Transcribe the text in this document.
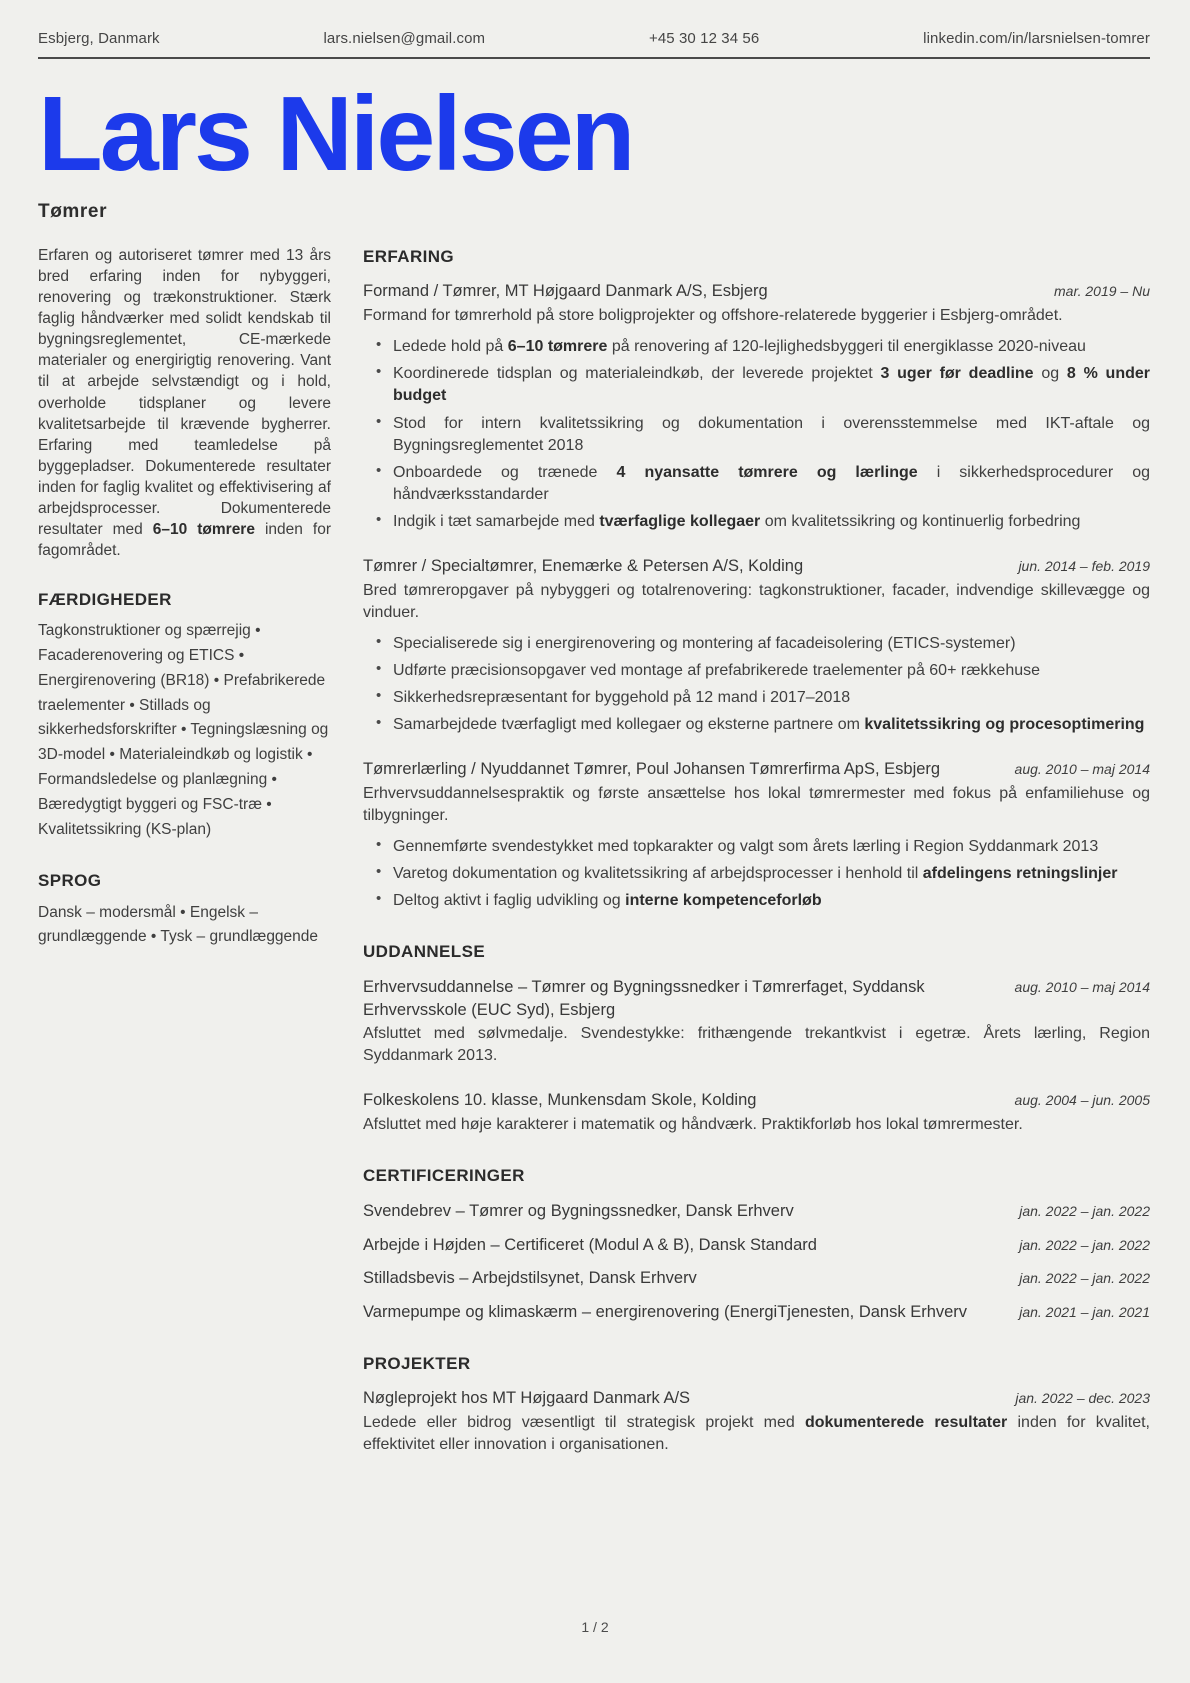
Esbjerg, Danmark	lars.nielsen@gmail.com	+45 30 12 34 56	linkedin.com/in/larsnielsen-tomrer
Lars Nielsen
Tømrer

Erfaren og autoriseret tømrer med 13 års bred erfaring inden for nybyggeri, renovering og trækonstruktioner. Stærk faglig håndværker med solidt kendskab til bygningsreglementet, CE-mærkede materialer og energirigtig renovering. Vant til at arbejde selvstændigt og i hold, overholde tidsplaner og levere kvalitetsarbejde til krævende bygherrer. Erfaring med teamledelse på byggepladser. Dokumenterede resultater inden for faglig kvalitet og effektivisering af arbejdsprocesser. Dokumenterede resultater med 6–10 tømrere inden for fagområdet.

FÆRDIGHEDER

Tagkonstruktioner og spærrejig • Facaderenovering og ETICS • Energirenovering (BR18) • Prefabrikerede traelementer • Stillads og sikkerhedsforskrifter • Tegningslæsning og 3D-model • Materialeindkøb og logistik • Formandsledelse og planlægning • Bæredygtigt byggeri og FSC-træ • Kvalitetssikring (KS-plan)

SPROG

Dansk – modersmål • Engelsk – grundlæggende • Tysk – grundlæggende

ERFARING
Formand / Tømrer, MT Højgaard Danmark A/S, Esbjerg	mar. 2019 – Nu

Formand for tømrerhold på store boligprojekter og offshore-relaterede byggerier i Esbjerg-området.

• Ledede hold på 6–10 tømrere på renovering af 120-lejlighedsbyggeri til energiklasse 2020-niveau
• Koordinerede tidsplan og materialeindkøb, der leverede projektet 3 uger før deadline og 8 % under budget
• Stod for intern kvalitetssikring og dokumentation i overensstemmelse med IKT-aftale og Bygningsreglementet 2018
• Onboardede og trænede 4 nyansatte tømrere og lærlinge i sikkerhedsprocedurer og håndværksstandarder
• Indgik i tæt samarbejde med tværfaglige kollegaer om kvalitetssikring og kontinuerlig forbedring
Tømrer / Specialtømrer, Enemærke & Petersen A/S, Kolding	jun. 2014 – feb. 2019

Bred tømreropgaver på nybyggeri og totalrenovering: tagkonstruktioner, facader, indvendige skillevægge og vinduer.

• Specialiserede sig i energirenovering og montering af facadeisolering (ETICS-systemer)
• Udførte præcisionsopgaver ved montage af prefabrikerede traelementer på 60+ rækkehuse
• Sikkerhedsrepræsentant for byggehold på 12 mand i 2017–2018
• Samarbejdede tværfagligt med kollegaer og eksterne partnere om kvalitetssikring og procesoptimering
Tømrerlærling / Nyuddannet Tømrer, Poul Johansen Tømrerfirma ApS, Esbjerg	aug. 2010 – maj 2014

Erhvervsuddannelsespraktik og første ansættelse hos lokal tømrermester med fokus på enfamiliehuse og tilbygninger.

• Gennemførte svendestykket med topkarakter og valgt som årets lærling i Region Syddanmark 2013
• Varetog dokumentation og kvalitetssikring af arbejdsprocesser i henhold til afdelingens retningslinjer
• Deltog aktivt i faglig udvikling og interne kompetenceforløb
UDDANNELSE
Erhvervsuddannelse – Tømrer og Bygningssnedker i Tømrerfaget, Syddansk Erhvervsskole (EUC Syd), Esbjerg
aug. 2010 – maj 2014

Afsluttet med sølvmedalje. Svendestykke: frithængende trekantkvist i egetræ. Årets lærling, Region Syddanmark 2013.

Folkeskolens 10. klasse, Munkensdam Skole, Kolding	aug. 2004 – jun. 2005

Afsluttet med høje karakterer i matematik og håndværk. Praktikforløb hos lokal tømrermester.

CERTIFICERINGER
Svendebrev – Tømrer og Bygningssnedker, Dansk Erhverv	jan. 2022 – jan. 2022
Arbejde i Højden – Certificeret (Modul A & B), Dansk Standard	jan. 2022 – jan. 2022
Stilladsbevis – Arbejdstilsynet, Dansk Erhverv	jan. 2022 – jan. 2022
Varmepumpe og klimaskærm – energirenovering (EnergiTjenesten, Dansk Erhverv	jan. 2021 – jan. 2021
PROJEKTER
Nøgleprojekt hos MT Højgaard Danmark A/S	jan. 2022 – dec. 2023

Ledede eller bidrog væsentligt til strategisk projekt med dokumenterede resultater inden for kvalitet, effektivitet eller innovation i organisationen.

1 / 2
